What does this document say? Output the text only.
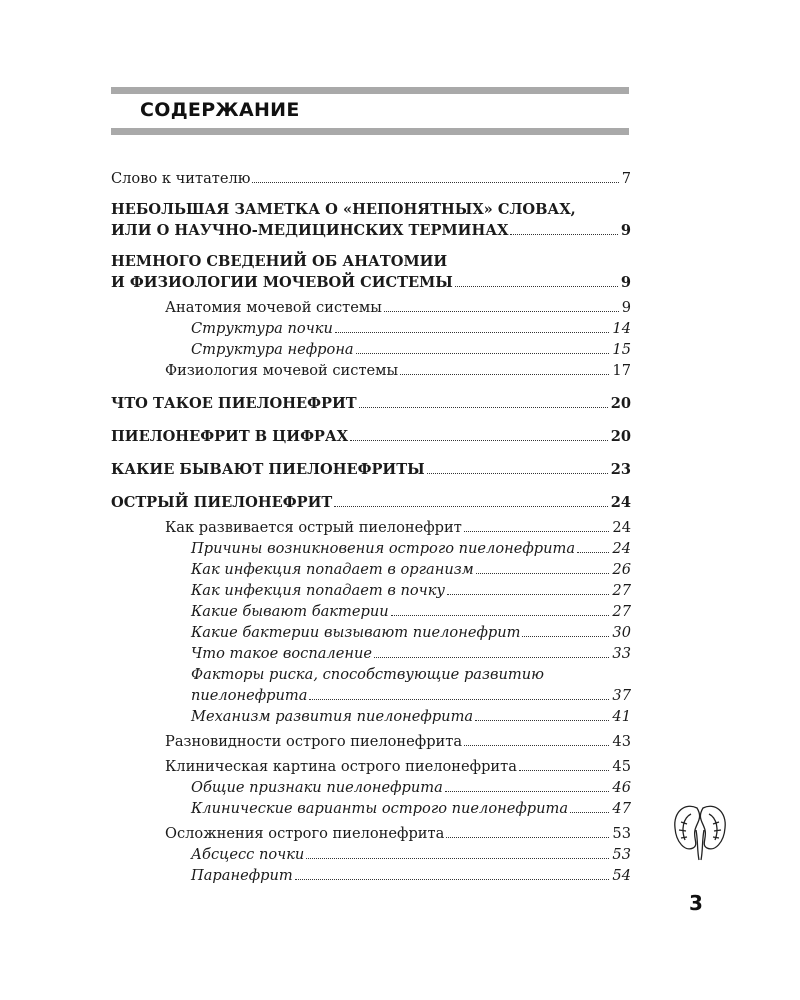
СОДЕРЖАНИЕ
Слово к читателю	7
НЕБОЛЬШАЯ ЗАМЕТКА О «НЕПОНЯТНЫХ» СЛОВАХ,
ИЛИ О НАУЧНО-МЕДИЦИНСКИХ ТЕРМИНАХ	9
НЕМНОГО СВЕДЕНИЙ ОБ АНАТОМИИ
И ФИЗИОЛОГИИ МОЧЕВОЙ СИСТЕМЫ	9
Анатомия мочевой системы	9
Структура почки	14
Структура нефрона	15
Физиология мочевой системы	17
ЧТО ТАКОЕ ПИЕЛОНЕФРИТ	20
ПИЕЛОНЕФРИТ В ЦИФРАХ	20
КАКИЕ БЫВАЮТ ПИЕЛОНЕФРИТЫ	23
ОСТРЫЙ ПИЕЛОНЕФРИТ	24
Как развивается острый пиелонефрит	24
Причины возникновения острого пиелонефрита	24
Как инфекция попадает в организм	26
Как инфекция попадает в почку	27
Какие бывают бактерии	27
Какие бактерии вызывают пиелонефрит	30
Что такое воспаление	33
Факторы риска, способствующие развитию
пиелонефрита	37
Механизм развития пиелонефрита	41
Разновидности острого пиелонефрита	43
Клиническая картина острого пиелонефрита	45
Общие признаки пиелонефрита	46
Клинические варианты острого пиелонефрита	47
Осложнения острого пиелонефрита	53
Абсцесс почки	53
Паранефрит	54
3
